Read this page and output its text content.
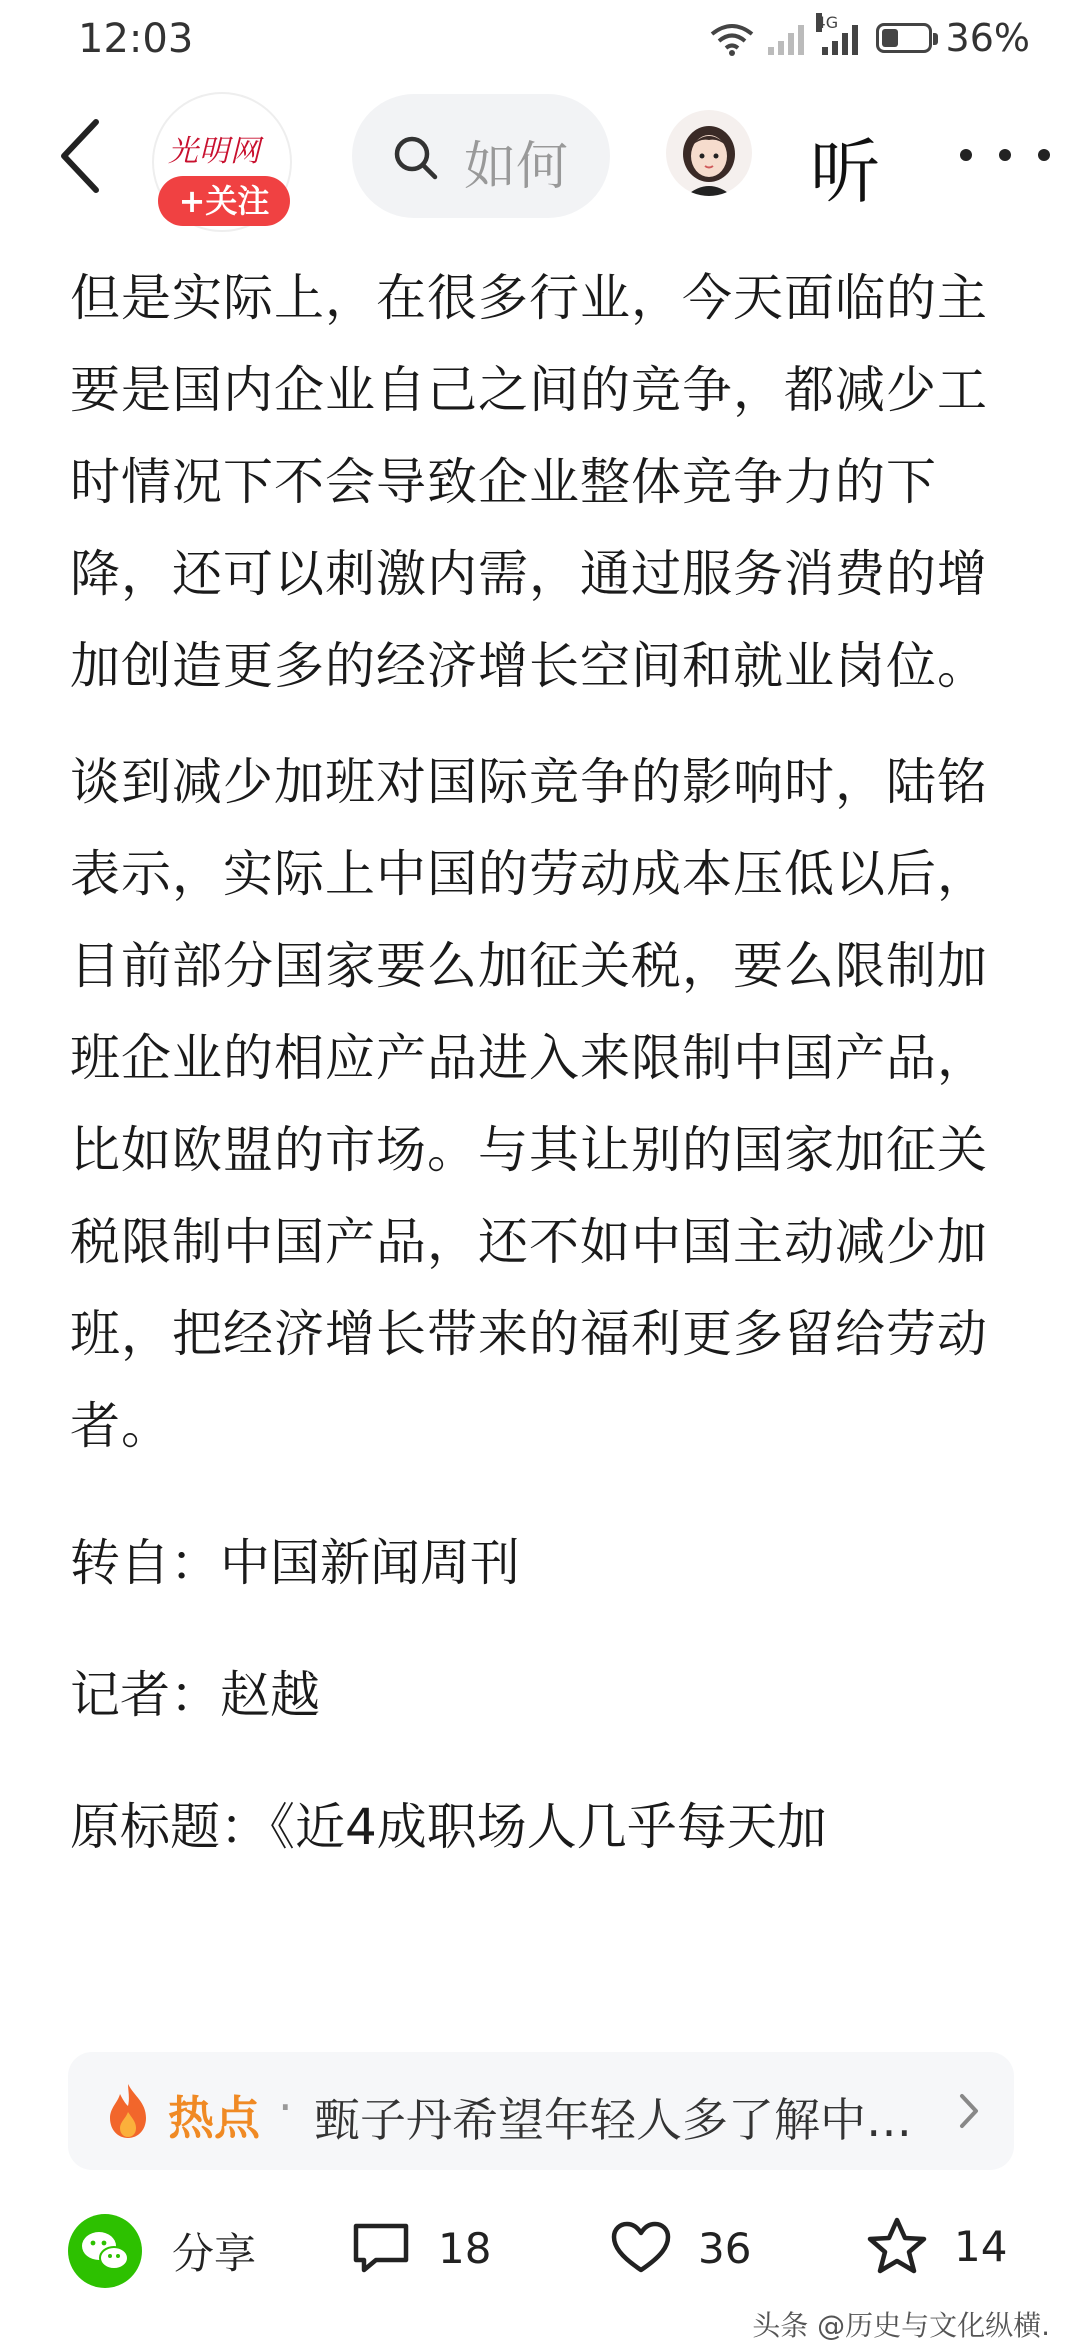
12:03	4G	36%
光明网
+关注
如何	听

但是实际上，在很多行业，今天面临的主要是国内企业自己之间的竞争，都减少工时情况下不会导致企业整体竞争力的下降，还可以刺激内需，通过服务消费的增加创造更多的经济增长空间和就业岗位。

谈到减少加班对国际竞争的影响时，陆铭表示，实际上中国的劳动成本压低以后，目前部分国家要么加征关税，要么限制加班企业的相应产品进入来限制中国产品，比如欧盟的市场。与其让别的国家加征关税限制中国产品，还不如中国主动减少加班，把经济增长带来的福利更多留给劳动者。

转自：中国新闻周刊

记者：赵越

原标题：《近4成职场人几乎每天加

热点 · 甄子丹希望年轻人多了解中…
分享	18	36	14
头条 @历史与文化纵横.
